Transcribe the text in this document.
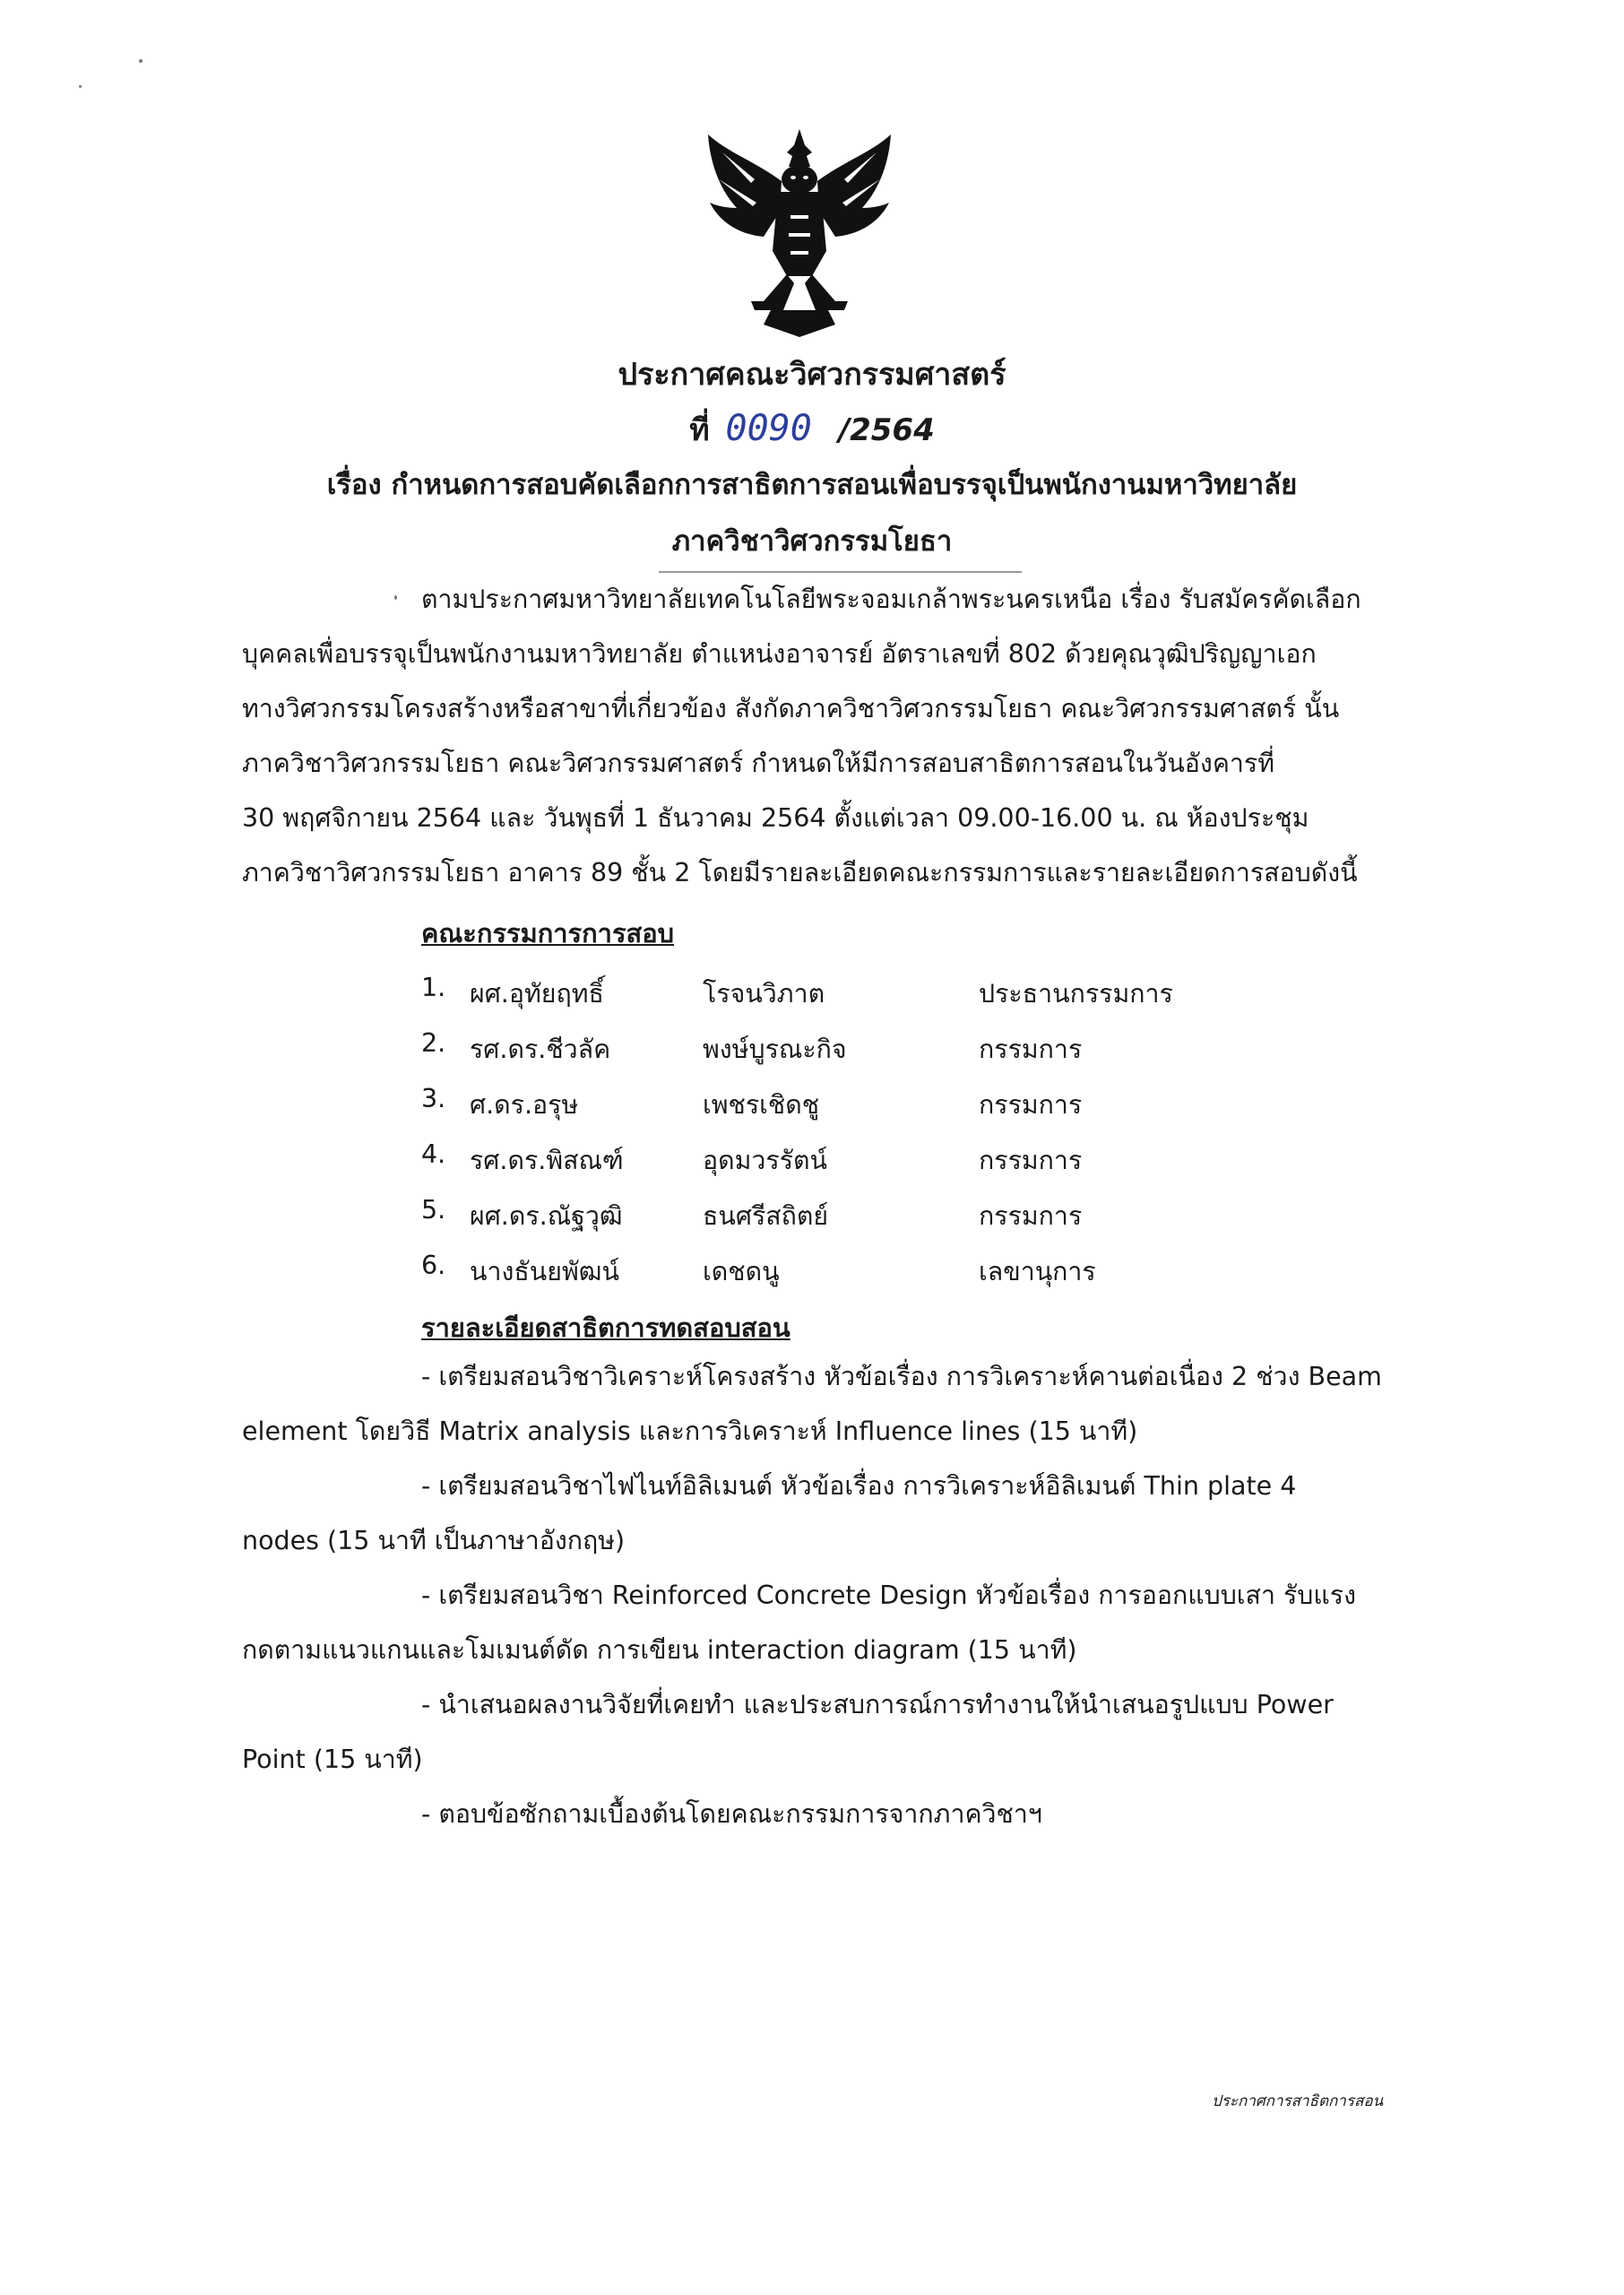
ประกาศคณะวิศวกรรมศาสตร์
ที่ 0090 /2564
เรื่อง กำหนดการสอบคัดเลือกการสาธิตการสอนเพื่อบรรจุเป็นพนักงานมหาวิทยาลัย
ภาควิชาวิศวกรรมโยธา
ตามประกาศมหาวิทยาลัยเทคโนโลยีพระจอมเกล้าพระนครเหนือ เรื่อง รับสมัครคัดเลือก
บุคคลเพื่อบรรจุเป็นพนักงานมหาวิทยาลัย ตำแหน่งอาจารย์ อัตราเลขที่ 802 ด้วยคุณวุฒิปริญญาเอก
ทางวิศวกรรมโครงสร้างหรือสาขาที่เกี่ยวข้อง สังกัดภาควิชาวิศวกรรมโยธา คณะวิศวกรรมศาสตร์ นั้น
ภาควิชาวิศวกรรมโยธา คณะวิศวกรรมศาสตร์ กำหนดให้มีการสอบสาธิตการสอนในวันอังคารที่
30 พฤศจิกายน 2564 และ วันพุธที่ 1 ธันวาคม 2564 ตั้งแต่เวลา 09.00-16.00 น. ณ ห้องประชุม
ภาควิชาวิศวกรรมโยธา อาคาร 89 ชั้น 2 โดยมีรายละเอียดคณะกรรมการและรายละเอียดการสอบดังนี้
คณะกรรมการการสอบ
1. ผศ.อุทัยฤทธิ์	โรจนวิภาต	ประธานกรรมการ
2. รศ.ดร.ชีวลัค	พงษ์บูรณะกิจ	กรรมการ
3. ศ.ดร.อรุษ	เพชรเชิดชู	กรรมการ
4. รศ.ดร.พิสณฑ์	อุดมวรรัตน์	กรรมการ
5. ผศ.ดร.ณัฐวุฒิ	ธนศรีสถิตย์	กรรมการ
6. นางธันยพัฒน์	เดชดนู	เลขานุการ
รายละเอียดสาธิตการทดสอบสอน
- เตรียมสอนวิชาวิเคราะห์โครงสร้าง หัวข้อเรื่อง การวิเคราะห์คานต่อเนื่อง 2 ช่วง Beam
element โดยวิธี Matrix analysis และการวิเคราะห์ Influence lines (15 นาที)
- เตรียมสอนวิชาไฟไนท์อิลิเมนต์ หัวข้อเรื่อง การวิเคราะห์อิลิเมนต์ Thin plate 4
nodes (15 นาที เป็นภาษาอังกฤษ)
- เตรียมสอนวิชา Reinforced Concrete Design หัวข้อเรื่อง การออกแบบเสา รับแรง
กดตามแนวแกนและโมเมนต์ดัด การเขียน interaction diagram (15 นาที)
- นำเสนอผลงานวิจัยที่เคยทำ และประสบการณ์การทำงานให้นำเสนอรูปแบบ Power
Point (15 นาที)
- ตอบข้อซักถามเบื้องต้นโดยคณะกรรมการจากภาควิชาฯ
ประกาศการสาธิตการสอน
